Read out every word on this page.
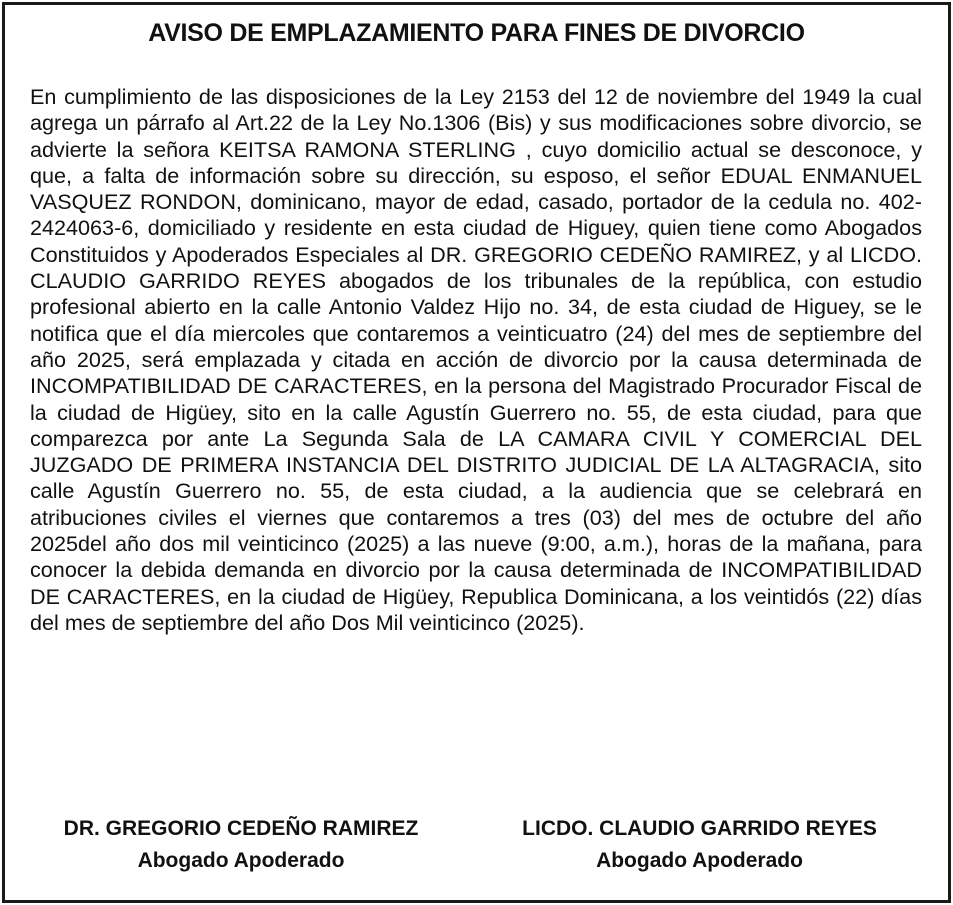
AVISO DE EMPLAZAMIENTO PARA FINES DE DIVORCIO

En cumplimiento de las disposiciones de la Ley 2153 del 12 de noviembre del 1949 la cual agrega un párrafo al Art.22 de la Ley No.1306 (Bis) y sus modificaciones sobre divorcio, se advierte la señora KEITSA RAMONA STERLING , cuyo domicilio actual se desconoce, y que, a falta de información sobre su dirección, su esposo, el señor EDUAL ENMANUEL VASQUEZ RONDON, dominicano, mayor de edad, casado, portador de la cedula no. 402-2424063-6, domiciliado y residente en esta ciudad de Higuey, quien tiene como Abogados Constituidos y Apoderados Especiales al DR. GREGORIO CEDEÑO RAMIREZ, y al LICDO. CLAUDIO GARRIDO REYES abogados de los tribunales de la república, con estudio profesional abierto en la calle Antonio Valdez Hijo no. 34, de esta ciudad de Higuey, se le notifica que el día miercoles que contaremos a veinticuatro (24) del mes de septiembre del año 2025, será emplazada y citada en acción de divorcio por la causa determinada de INCOMPATIBILIDAD DE CARACTERES, en la persona del Magistrado Procurador Fiscal de la ciudad de Higüey, sito en la calle Agustín Guerrero no. 55, de esta ciudad, para que comparezca por ante La Segunda Sala de LA CAMARA CIVIL Y COMERCIAL DEL JUZGADO DE PRIMERA INSTANCIA DEL DISTRITO JUDICIAL DE LA ALTAGRACIA, sito calle Agustín Guerrero no. 55, de esta ciudad, a la audiencia que se celebrará en atribuciones civiles el viernes que contaremos a tres (03) del mes de octubre del año 2025del año dos mil veinticinco (2025) a las nueve (9:00, a.m.), horas de la mañana, para conocer la debida demanda en divorcio por la causa determinada de INCOMPATIBILIDAD DE CARACTERES, en la ciudad de Higüey, Republica Dominicana, a los veintidós (22) días del mes de septiembre del año Dos Mil veinticinco (2025).

DR. GREGORIO CEDEÑO RAMIREZ
Abogado Apoderado
LICDO. CLAUDIO GARRIDO REYES
Abogado Apoderado
